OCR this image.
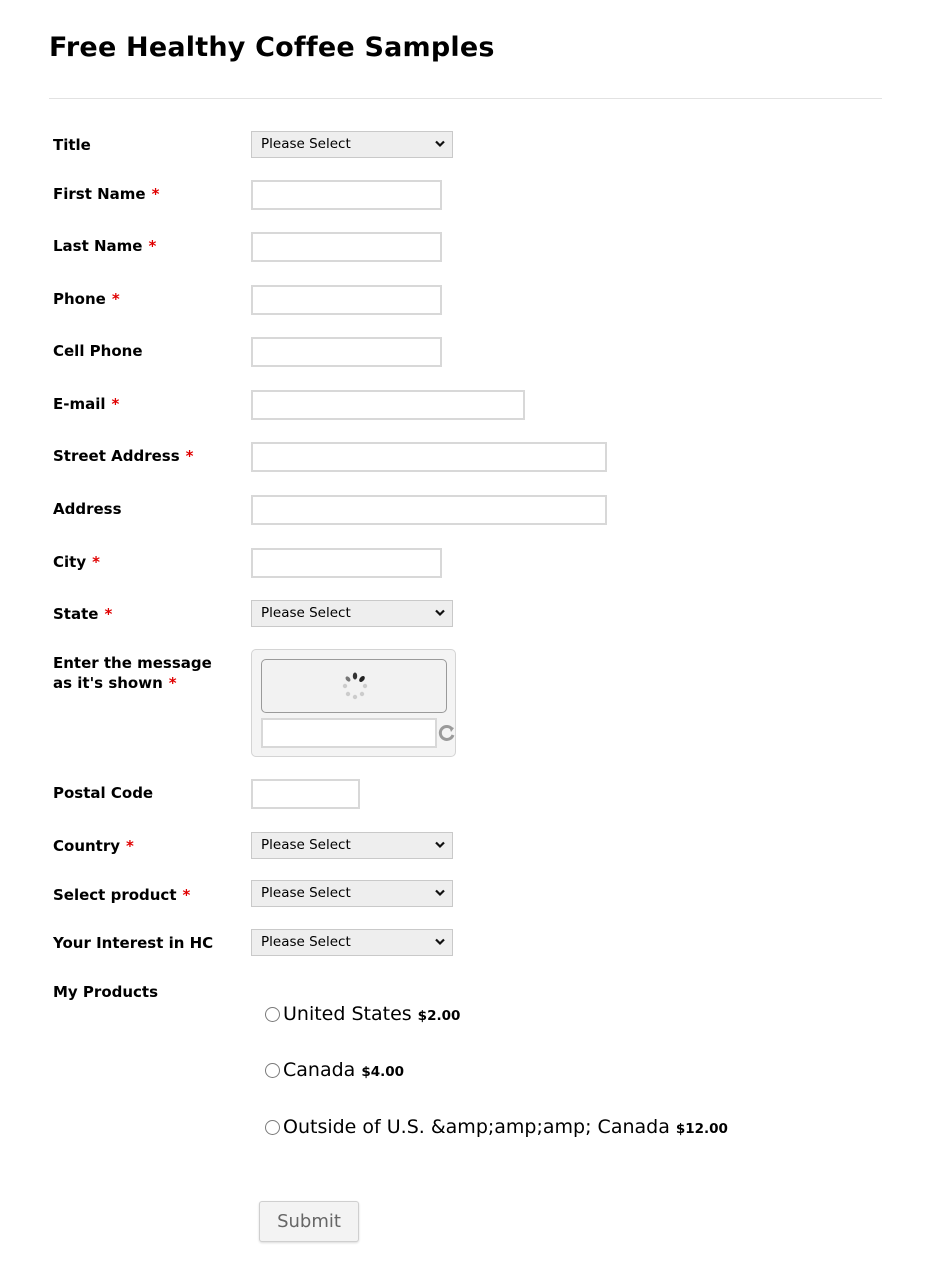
Free Healthy Coffee Samples
Title	Please Select
First Name *
Last Name *
Phone *
Cell Phone
E-mail *
Street Address *
Address
City *
State *	Please Select
Enter the message
as it's shown *
Postal Code
Country *	Please Select
Select product *	Please Select
Your Interest in HC	Please Select
My Products
United States $2.00
Canada $4.00
Outside of U.S. &amp;amp;amp; Canada $12.00
Submit
